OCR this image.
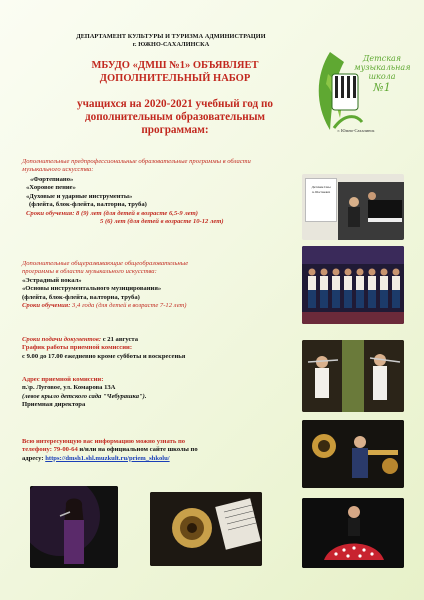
ДЕПАРТАМЕНТ КУЛЬТУРЫ И ТУРИЗМА АДМИНИСТРАЦИИ
г. ЮЖНО-САХАЛИНСКА
МБУДО «ДМШ №1» ОБЪЯВЛЯЕТ
ДОПОЛНИТЕЛЬНЫЙ НАБОР
учащихся на 2020-2021 учебный год по
дополнительным образовательным
программам:
Детская
музыкальная
школа
№1
г. Южно-Сахалинск
Дополнительные предпрофессиональные образовательные программы в области
музыкального искусства:
«Фортепиано»
«Хоровое пение»
«Духовые и ударные инструменты»
(флейта, блок-флейта, валторна, труба)
Сроки обучения: 8 (9) лет (для детей в возрасте 6,5-9 лет)
5 (6) лет (для детей в возрасте 10-12 лет)
Дополнительные общеразвивающие общеобразовательные
программы в области музыкального искусства:
«Эстрадный вокал»
«Основы инструментального музицирования»
(флейта, блок-флейта, валторна, труба)
Сроки обучения: 3,4 года (для детей в возрасте 7-12 лет)
Сроки подачи документов: с 21 августа
График работы приемной комиссии:
с 9.00 до 17.00 ежедневно кроме субботы и воскресенья
Адрес приемной комиссии:
п.\р. Луговое, ул. Комарова 13А
(левое крыло детского сада "Чебурашка").
Приемная директора
Всю интересующую вас информацию можно узнать по
телефону: 79-00-64 и/или на официальном сайте школы по
адресу: https://dmsh1.shl.muzkult.ru/priem_shkolu/
Детские Сны
А. Шостакович
